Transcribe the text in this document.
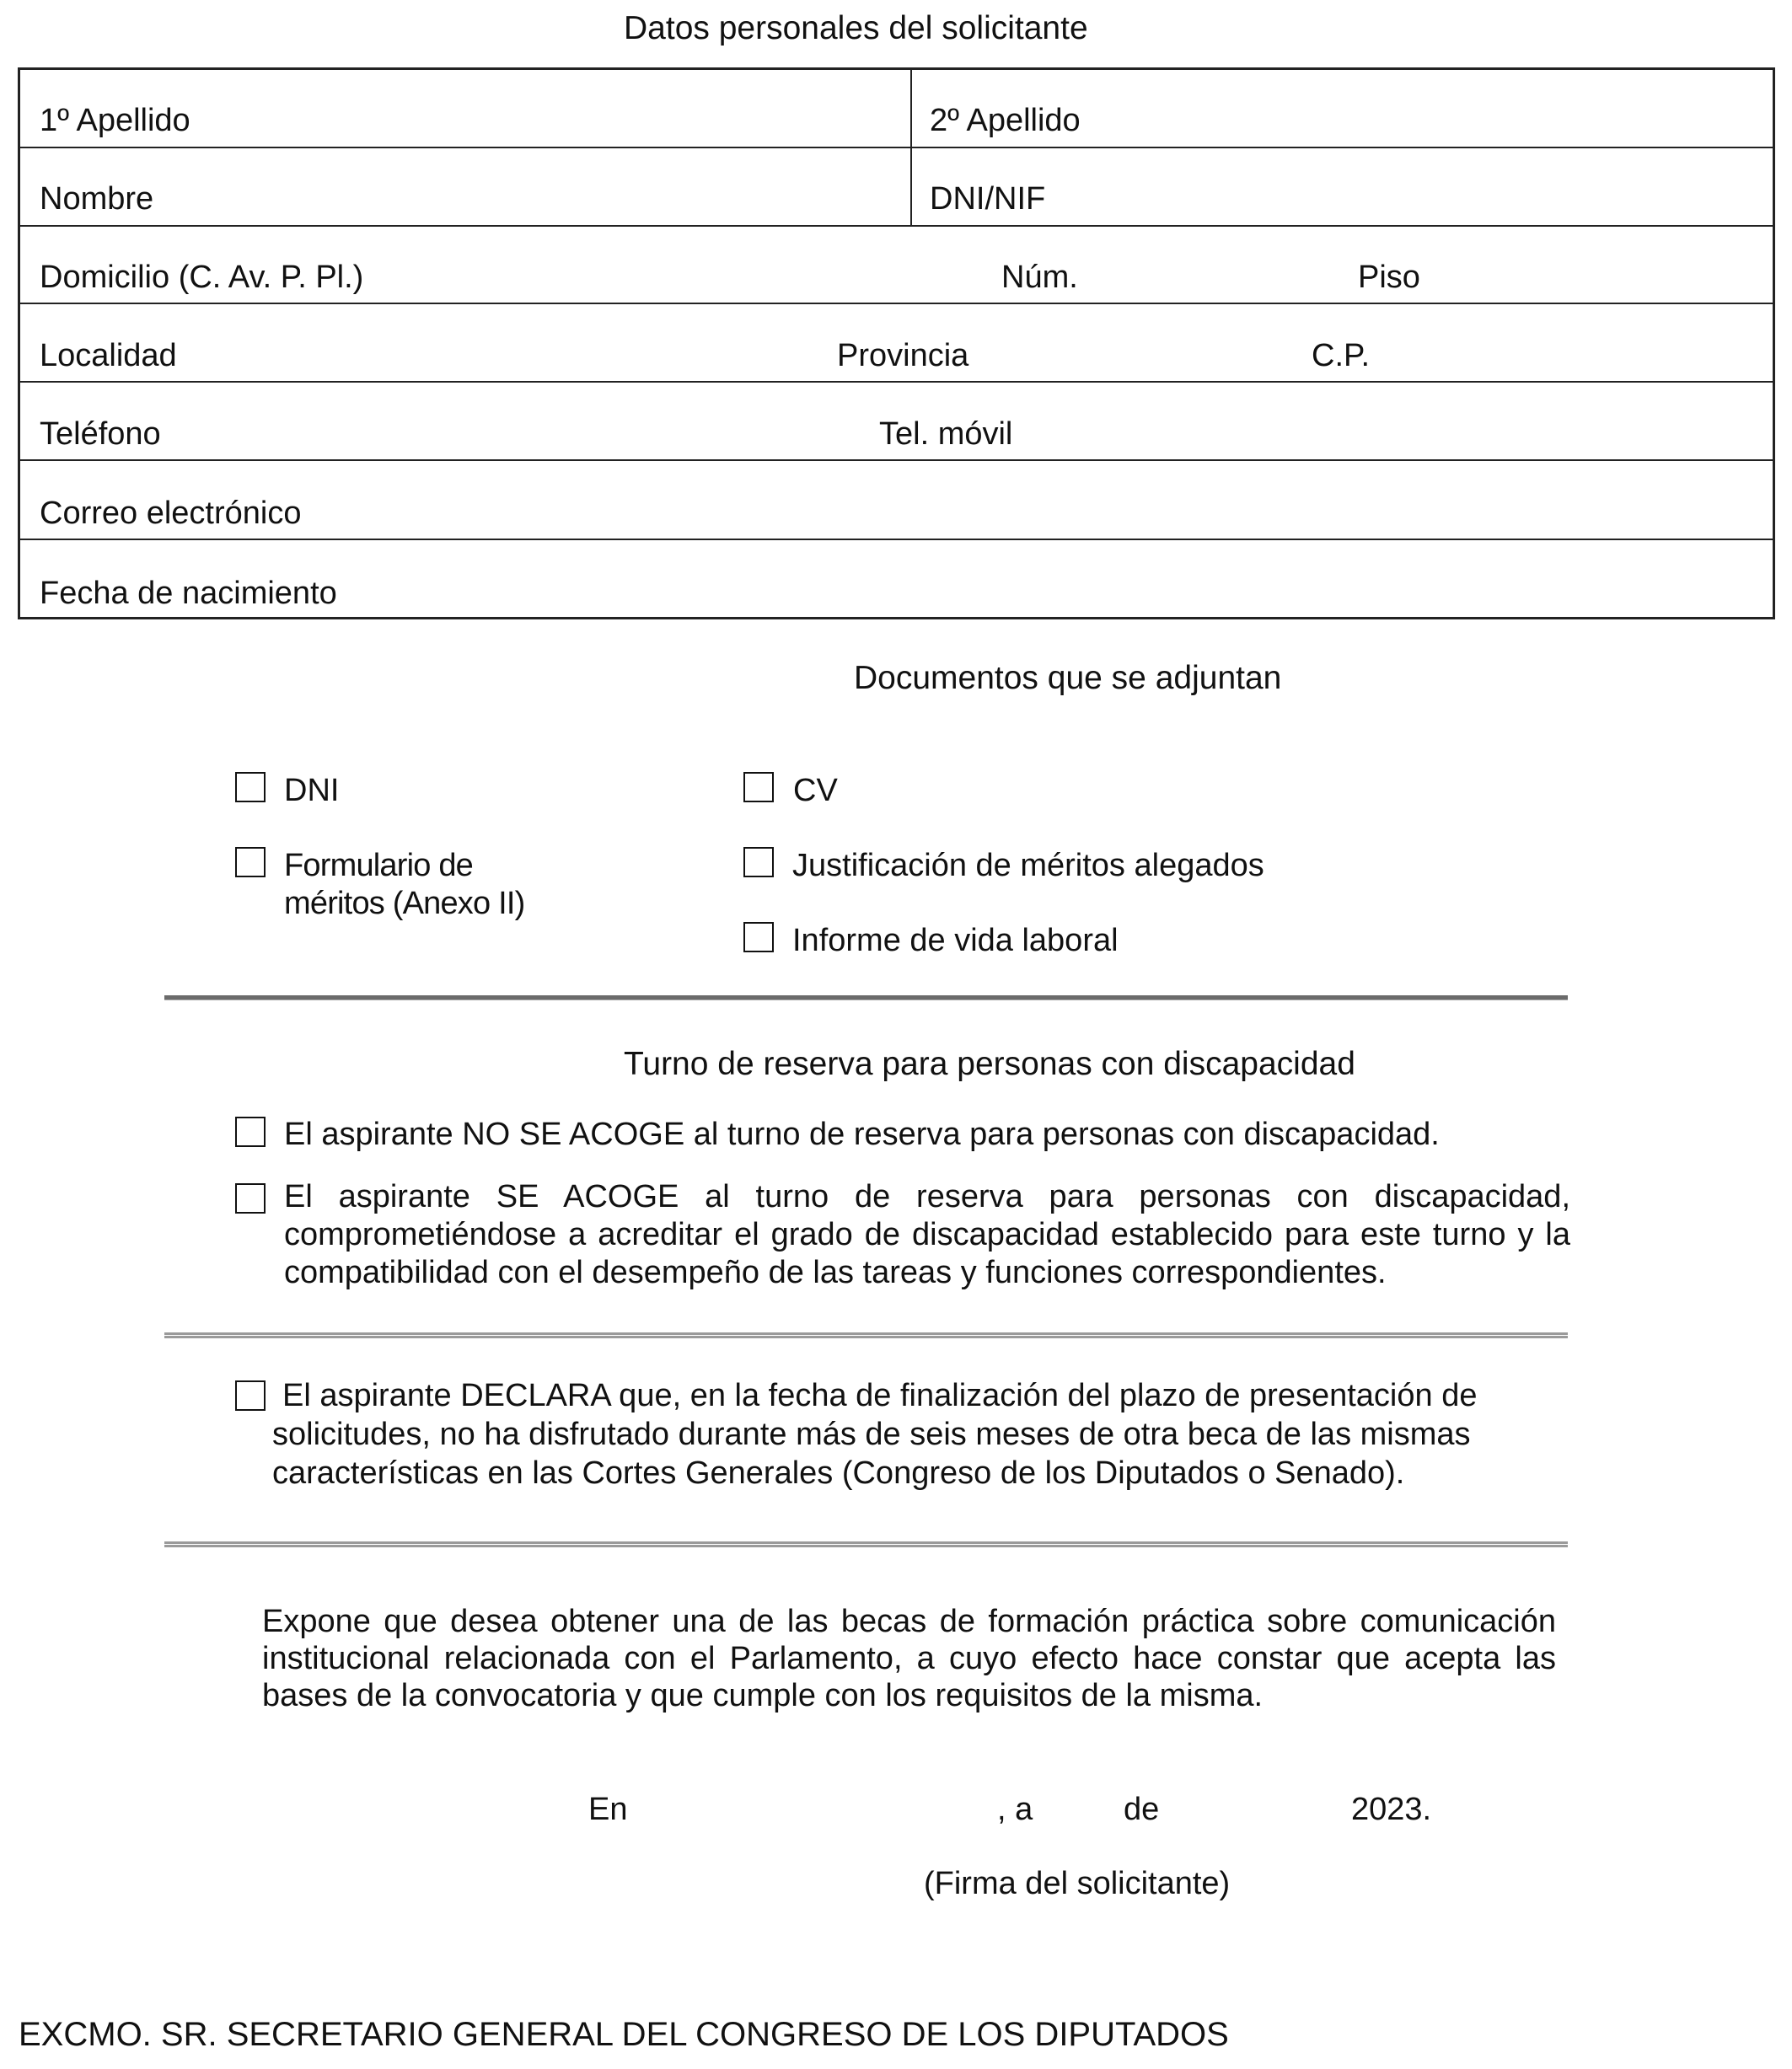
Datos personales del solicitante
1º Apellido	2º Apellido
Nombre	DNI/NIF
Domicilio (C. Av. P. Pl.)	Núm.	Piso
Localidad	Provincia	C.P.
Teléfono	Tel. móvil
Correo electrónico
Fecha de nacimiento
Documentos que se adjuntan
DNI	CV
Formulario de
méritos (Anexo II)
Justificación de méritos alegados
Informe de vida laboral
Turno de reserva para personas con discapacidad
El aspirante NO SE ACOGE al turno de reserva para personas con discapacidad.
El aspirante SE ACOGE al turno de reserva para personas con discapacidad,
comprometiéndose a acreditar el grado de discapacidad establecido para este turno y la
compatibilidad con el desempeño de las tareas y funciones correspondientes.
El aspirante DECLARA que, en la fecha de finalización del plazo de presentación de
solicitudes, no ha disfrutado durante más de seis meses de otra beca de las mismas
características en las Cortes Generales (Congreso de los Diputados o Senado).
Expone que desea obtener una de las becas de formación práctica sobre comunicación
institucional relacionada con el Parlamento, a cuyo efecto hace constar que acepta las
bases de la convocatoria y que cumple con los requisitos de la misma.
En	, a	de	2023.
(Firma del solicitante)
EXCMO. SR. SECRETARIO GENERAL DEL CONGRESO DE LOS DIPUTADOS
